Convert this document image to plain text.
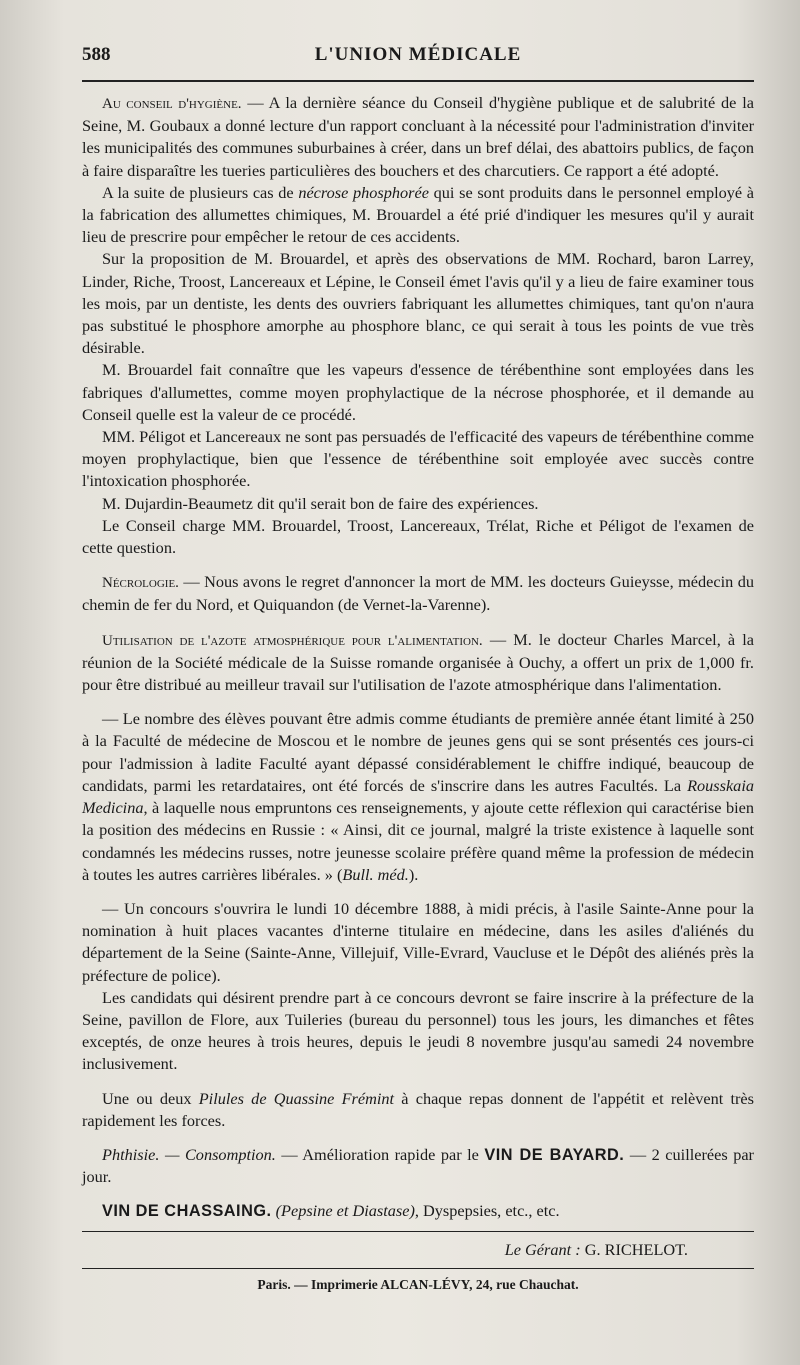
588	L'UNION MÉDICALE

Au conseil d'hygiène. — A la dernière séance du Conseil d'hygiène publique et de salubrité de la Seine, M. Goubaux a donné lecture d'un rapport concluant à la nécessité pour l'administration d'inviter les municipalités des communes suburbaines à créer, dans un bref délai, des abattoirs publics, de façon à faire disparaître les tueries particulières des bouchers et des charcutiers. Ce rapport a été adopté.

A la suite de plusieurs cas de nécrose phosphorée qui se sont produits dans le personnel employé à la fabrication des allumettes chimiques, M. Brouardel a été prié d'indiquer les mesures qu'il y aurait lieu de prescrire pour empêcher le retour de ces accidents.

Sur la proposition de M. Brouardel, et après des observations de MM. Rochard, baron Larrey, Linder, Riche, Troost, Lancereaux et Lépine, le Conseil émet l'avis qu'il y a lieu de faire examiner tous les mois, par un dentiste, les dents des ouvriers fabriquant les allumettes chimiques, tant qu'on n'aura pas substitué le phosphore amorphe au phosphore blanc, ce qui serait à tous les points de vue très désirable.

M. Brouardel fait connaître que les vapeurs d'essence de térébenthine sont employées dans les fabriques d'allumettes, comme moyen prophylactique de la nécrose phosphorée, et il demande au Conseil quelle est la valeur de ce procédé.

MM. Péligot et Lancereaux ne sont pas persuadés de l'efficacité des vapeurs de térébenthine comme moyen prophylactique, bien que l'essence de térébenthine soit employée avec succès contre l'intoxication phosphorée.

M. Dujardin-Beaumetz dit qu'il serait bon de faire des expériences.

Le Conseil charge MM. Brouardel, Troost, Lancereaux, Trélat, Riche et Péligot de l'examen de cette question.

Nécrologie. — Nous avons le regret d'annoncer la mort de MM. les docteurs Guieysse, médecin du chemin de fer du Nord, et Quiquandon (de Vernet-la-Varenne).

Utilisation de l'azote atmosphérique pour l'alimentation. — M. le docteur Charles Marcel, à la réunion de la Société médicale de la Suisse romande organisée à Ouchy, a offert un prix de 1,000 fr. pour être distribué au meilleur travail sur l'utilisation de l'azote atmosphérique dans l'alimentation.

— Le nombre des élèves pouvant être admis comme étudiants de première année étant limité à 250 à la Faculté de médecine de Moscou et le nombre de jeunes gens qui se sont présentés ces jours-ci pour l'admission à ladite Faculté ayant dépassé considérablement le chiffre indiqué, beaucoup de candidats, parmi les retardataires, ont été forcés de s'inscrire dans les autres Facultés. La Rousskaia Medicina, à laquelle nous empruntons ces renseignements, y ajoute cette réflexion qui caractérise bien la position des médecins en Russie : « Ainsi, dit ce journal, malgré la triste existence à laquelle sont condamnés les médecins russes, notre jeunesse scolaire préfère quand même la profession de médecin à toutes les autres carrières libérales. » (Bull. méd.).

— Un concours s'ouvrira le lundi 10 décembre 1888, à midi précis, à l'asile Sainte-Anne pour la nomination à huit places vacantes d'interne titulaire en médecine, dans les asiles d'aliénés du département de la Seine (Sainte-Anne, Villejuif, Ville-Evrard, Vaucluse et le Dépôt des aliénés près la préfecture de police).

Les candidats qui désirent prendre part à ce concours devront se faire inscrire à la préfecture de la Seine, pavillon de Flore, aux Tuileries (bureau du personnel) tous les jours, les dimanches et fêtes exceptés, de onze heures à trois heures, depuis le jeudi 8 novembre jusqu'au samedi 24 novembre inclusivement.

Une ou deux Pilules de Quassine Frémint à chaque repas donnent de l'appétit et relèvent très rapidement les forces.

Phthisie. — Consomption. — Amélioration rapide par le VIN DE BAYARD. — 2 cuillerées par jour.

VIN DE CHASSAING. (Pepsine et Diastase), Dyspepsies, etc., etc.

Le Gérant : G. RICHELOT.
Paris. — Imprimerie ALCAN-LÉVY, 24, rue Chauchat.
